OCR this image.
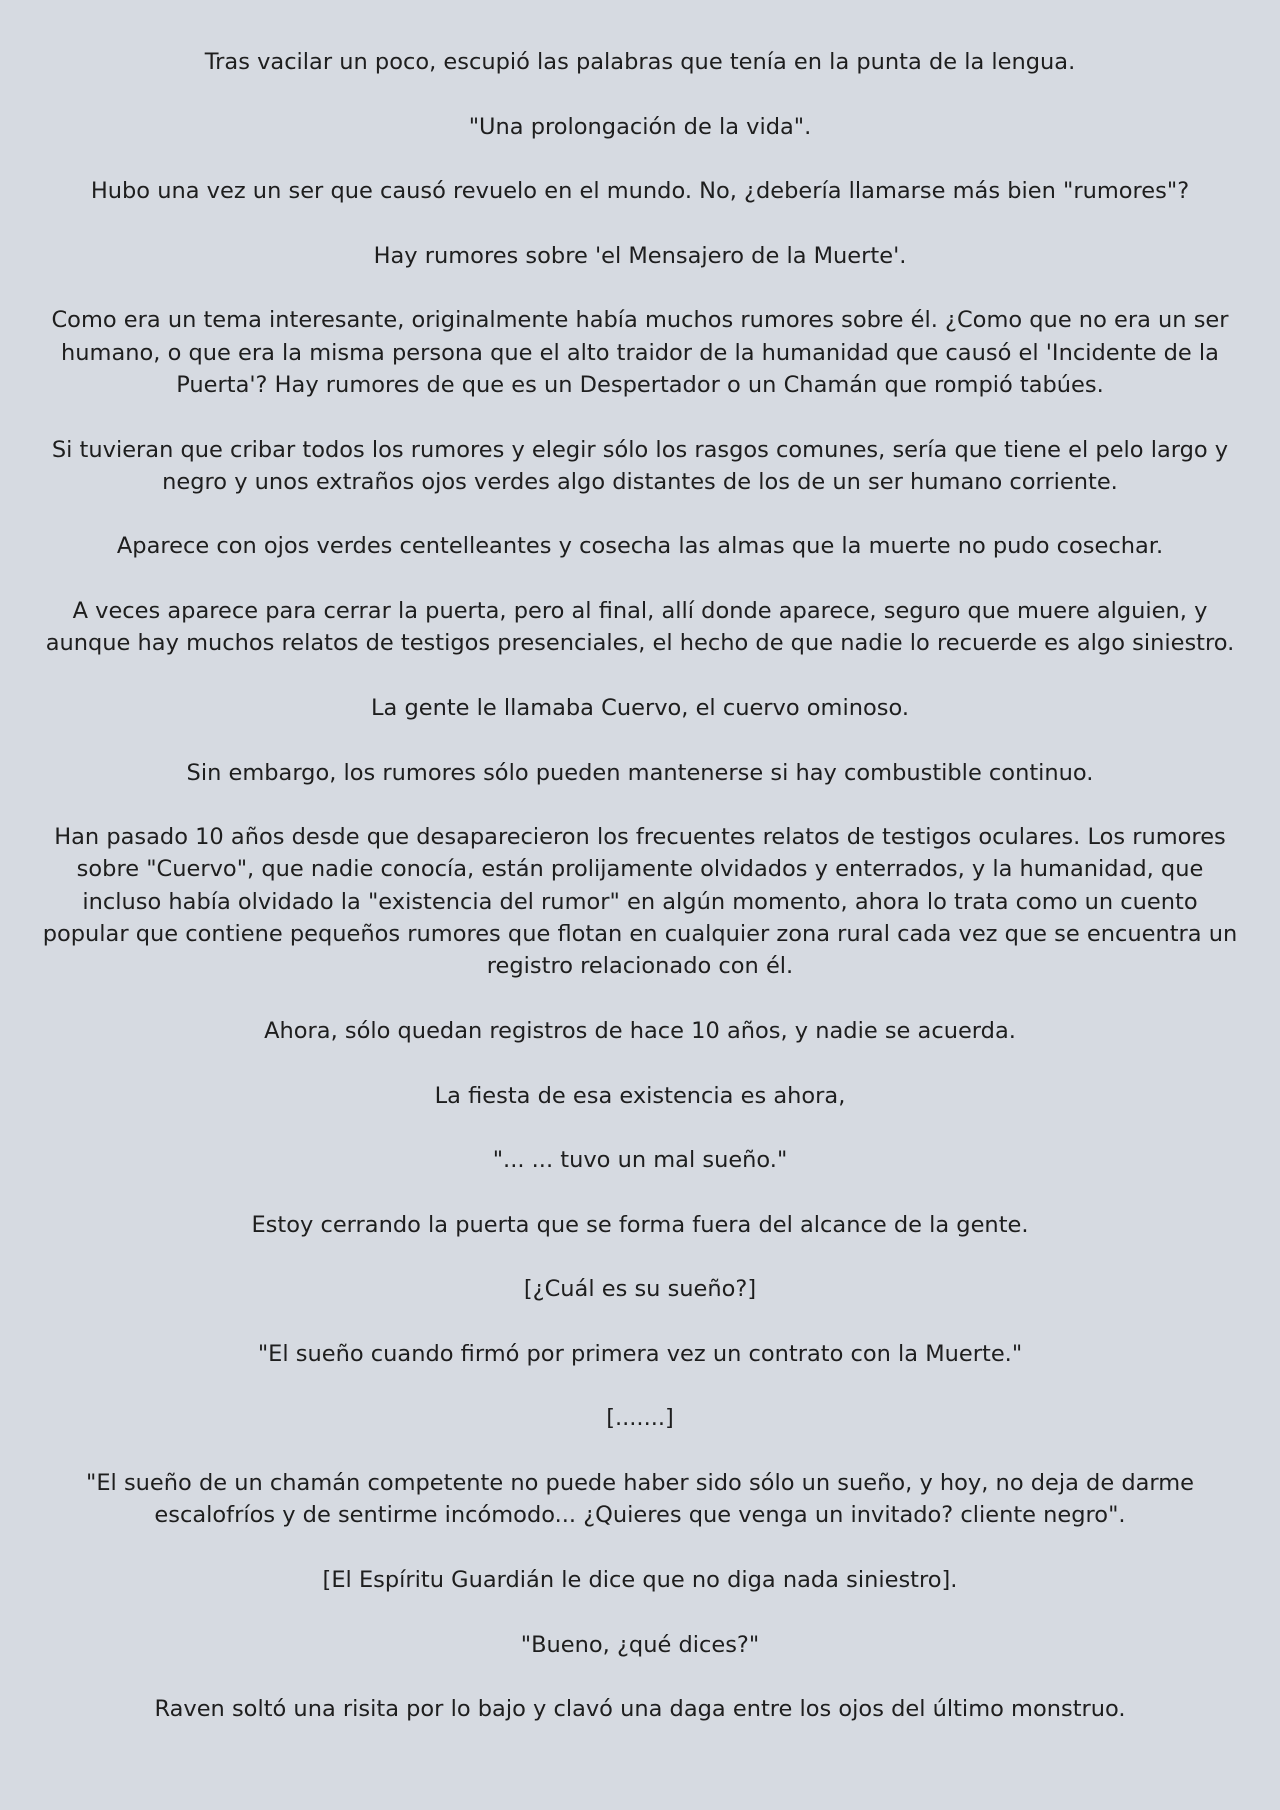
Tras vacilar un poco, escupió las palabras que tenía en la punta de la lengua.

"Una prolongación de la vida".

Hubo una vez un ser que causó revuelo en el mundo. No, ¿debería llamarse más bien "rumores"?

Hay rumores sobre 'el Mensajero de la Muerte'.

Como era un tema interesante, originalmente había muchos rumores sobre él. ¿Como que no era un ser humano, o que era la misma persona que el alto traidor de la humanidad que causó el 'Incidente de la Puerta'? Hay rumores de que es un Despertador o un Chamán que rompió tabúes.

Si tuvieran que cribar todos los rumores y elegir sólo los rasgos comunes, sería que tiene el pelo largo y negro y unos extraños ojos verdes algo distantes de los de un ser humano corriente.

Aparece con ojos verdes centelleantes y cosecha las almas que la muerte no pudo cosechar.

A veces aparece para cerrar la puerta, pero al final, allí donde aparece, seguro que muere alguien, y aunque hay muchos relatos de testigos presenciales, el hecho de que nadie lo recuerde es algo siniestro.

La gente le llamaba Cuervo, el cuervo ominoso.

Sin embargo, los rumores sólo pueden mantenerse si hay combustible continuo.

Han pasado 10 años desde que desaparecieron los frecuentes relatos de testigos oculares. Los rumores sobre "Cuervo", que nadie conocía, están prolijamente olvidados y enterrados, y la humanidad, que incluso había olvidado la "existencia del rumor" en algún momento, ahora lo trata como un cuento popular que contiene pequeños rumores que flotan en cualquier zona rural cada vez que se encuentra un registro relacionado con él.

Ahora, sólo quedan registros de hace 10 años, y nadie se acuerda.

La fiesta de esa existencia es ahora,

"... ... tuvo un mal sueño."

Estoy cerrando la puerta que se forma fuera del alcance de la gente.

[¿Cuál es su sueño?]

"El sueño cuando firmó por primera vez un contrato con la Muerte."

[.......]

"El sueño de un chamán competente no puede haber sido sólo un sueño, y hoy, no deja de darme escalofríos y de sentirme incómodo... ¿Quieres que venga un invitado? cliente negro".

[El Espíritu Guardián le dice que no diga nada siniestro].

"Bueno, ¿qué dices?"

Raven soltó una risita por lo bajo y clavó una daga entre los ojos del último monstruo.
